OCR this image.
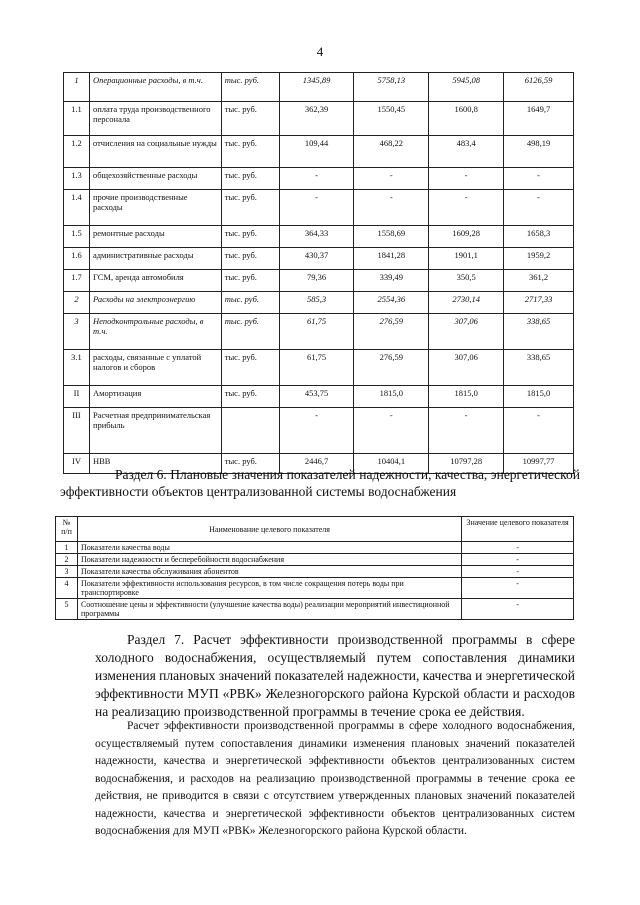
4
1	Операционные расходы, в т.ч.	тыс. руб.	1345,89	5758,13	5945,08	6126,59
1.1	оплата труда производственного персонала	тыс. руб.	362,39	1550,45	1600,8	1649,7
1.2	отчисления на социальные нужды	тыс. руб.	109,44	468,22	483,4	498,19
1.3	общехозяйственные расходы	тыс. руб.	-	-	-	-
1.4	прочие производственные расходы	тыс. руб.	-	-	-	-
1.5	ремонтные расходы	тыс. руб.	364,33	1558,69	1609,28	1658,3
1.6	административные расходы	тыс. руб.	430,37	1841,28	1901,1	1959,2
1.7	ГСМ, аренда автомобиля	тыс. руб.	79,36	339,49	350,5	361,2
2	Расходы на электроэнергию	тыс. руб.	585,3	2554,36	2730,14	2717,33
3	Неподконтрольные расходы, в т.ч.	тыс. руб.	61,75	276,59	307,06	338,65
3.1	расходы, связанные с уплатой налогов и сборов	тыс. руб.	61,75	276,59	307,06	338,65
II	Амортизация	тыс. руб.	453,75	1815,0	1815,0	1815,0
III	Расчетная предпринимательская прибыль		-	-	-	-
IV	НВВ	тыс. руб.	2446,7	10404,1	10797,28	10997,77
Раздел 6. Плановые значения показателей надежности, качества, энергетической эффективности объектов централизованной системы водоснабжения
№ п/п	Наименование целевого показателя	Значение целевого показателя
1	Показатели качества воды	-
2	Показатели надежности и бесперебойности водоснабжения	-
3	Показатели качества обслуживания абонентов	-
4	Показатели эффективности использования ресурсов, в том числе сокращения потерь воды при транспортировке	-
5	Соотношение цены и эффективности (улучшение качества воды) реализации мероприятий инвестиционной программы	-
Раздел 7. Расчет эффективности производственной программы в сфере холодного водоснабжения, осуществляемый путем сопоставления динамики изменения плановых значений показателей надежности, качества и энергетической эффективности МУП «РВК» Железногорского района Курской области и расходов на реализацию производственной программы в течение срока ее действия.
Расчет эффективности производственной программы в сфере холодного водоснабжения, осуществляемый путем сопоставления динамики изменения плановых значений показателей надежности, качества и энергетической эффективности объектов централизованных систем водоснабжения, и расходов на реализацию производственной программы в течение срока ее действия, не приводится в связи с отсутствием утвержденных плановых значений показателей надежности, качества и энергетической эффективности объектов централизованных систем водоснабжения для МУП «РВК» Железногорского района Курской области.
